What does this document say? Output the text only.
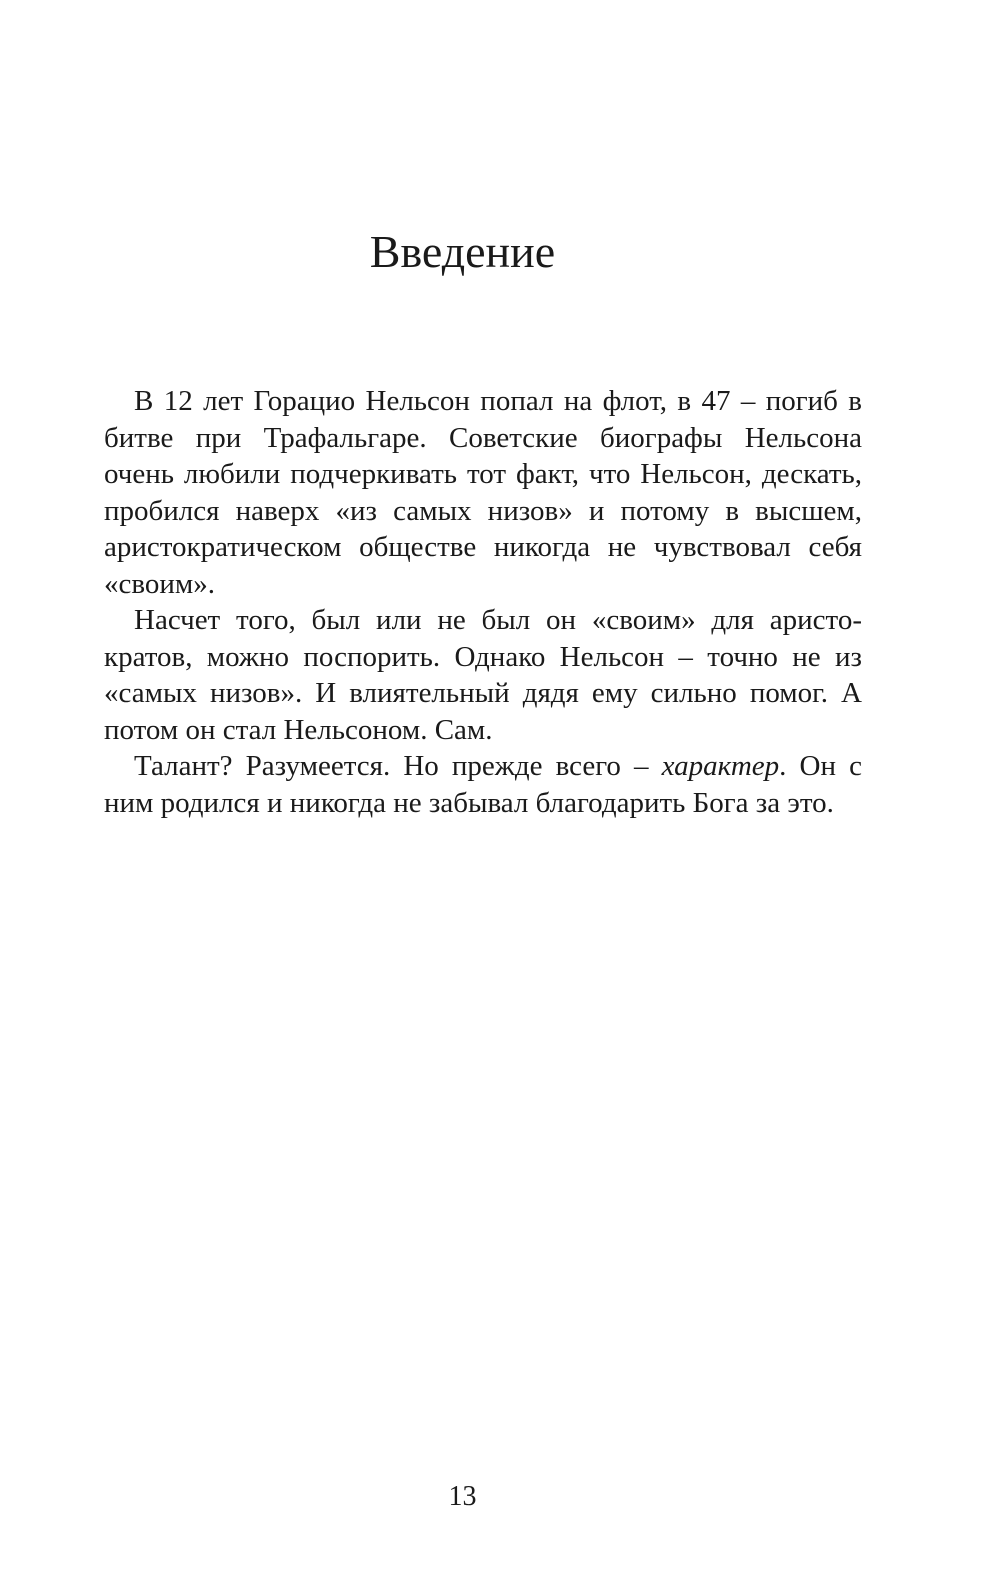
Введение

В 12 лет Горацио Нельсон попал на флот, в 47 – погиб в битве при Трафальгаре. Советские биографы Нельсона очень любили подчеркивать тот факт, что Нельсон, дескать, пробился наверх «из самых низов» и потому в высшем, аристократическом обществе никогда не чувствовал себя «своим».

Насчет того, был или не был он «своим» для аристократов, можно поспорить. Однако Нельсон – точно не из «самых низов». И влиятельный дядя ему сильно помог. А потом он стал Нельсоном. Сам.

Талант? Разумеется. Но прежде всего – характер. Он с ним родился и никогда не забывал благодарить Бога за это.

13
